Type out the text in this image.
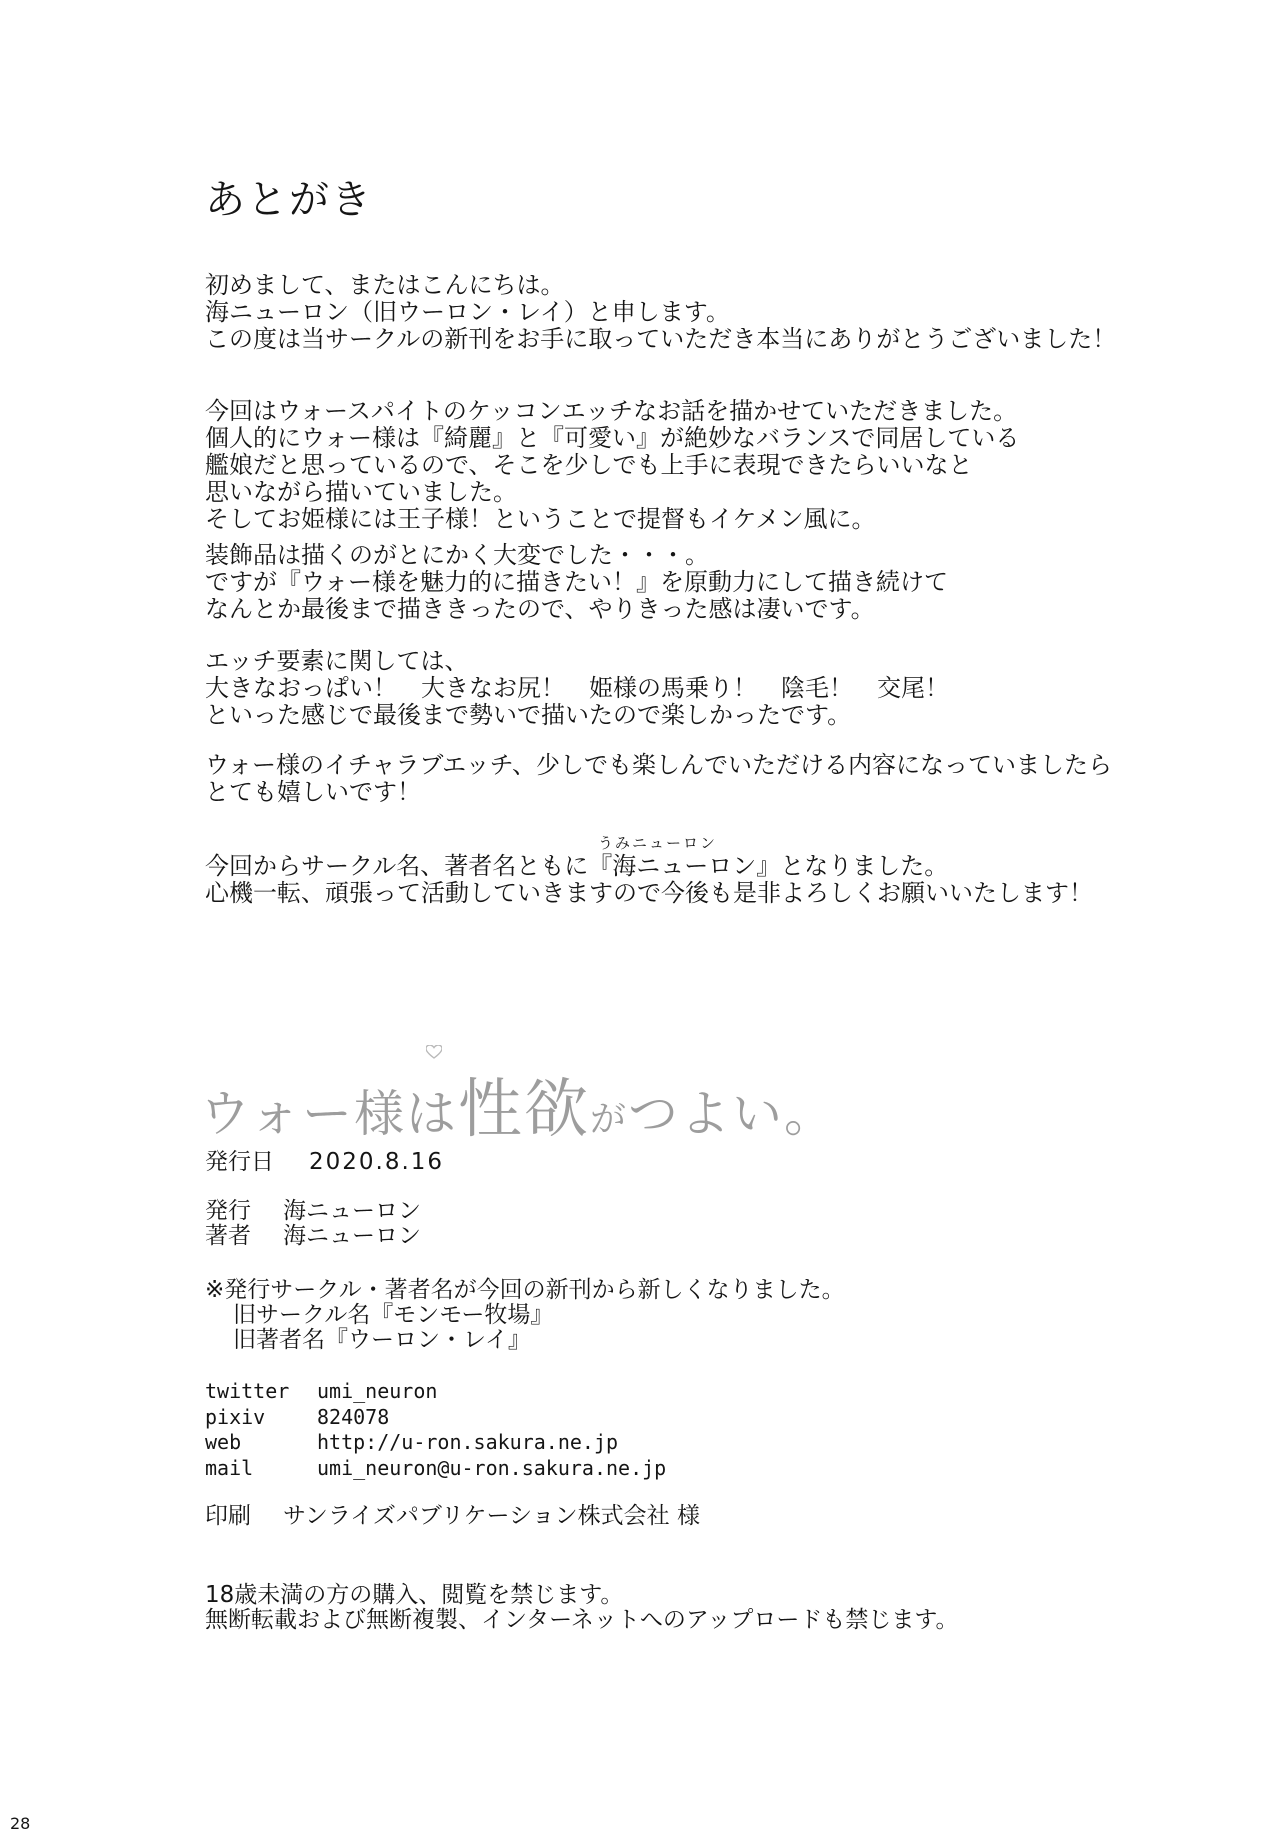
あとがき
初めまして、またはこんにちは。
海ニューロン（旧ウーロン・レイ）と申します。
この度は当サークルの新刊をお手に取っていただき本当にありがとうございました！
今回はウォースパイトのケッコンエッチなお話を描かせていただきました。
個人的にウォー様は『綺麗』と『可愛い』が絶妙なバランスで同居している
艦娘だと思っているので、そこを少しでも上手に表現できたらいいなと
思いながら描いていました。
そしてお姫様には王子様！ということで提督もイケメン風に。
装飾品は描くのがとにかく大変でした・・・。
ですが『ウォー様を魅力的に描きたい！』を原動力にして描き続けて
なんとか最後まで描ききったので、やりきった感は凄いです。
エッチ要素に関しては、
大きなおっぱい！　大きなお尻！　姫様の馬乗り！　陰毛！　交尾！
といった感じで最後まで勢いで描いたので楽しかったです。
ウォー様のイチャラブエッチ、少しでも楽しんでいただける内容になっていましたら
とても嬉しいです！
うみニューロン
今回からサークル名、著者名ともに『海ニューロン』となりました。
心機一転、頑張って活動していきますので今後も是非よろしくお願いいたします！
ウォー様は性欲がつよい。
発行日	2020.8.16
発行	海ニューロン
著者	海ニューロン
※発行サークル・著者名が今回の新刊から新しくなりました。
旧サークル名『モンモー牧場』
旧著者名『ウーロン・レイ』
twitter	umi_neuron
pixiv	824078
web	http://u-ron.sakura.ne.jp
mail	umi_neuron@u-ron.sakura.ne.jp
印刷	サンライズパブリケーション株式会社 様
18歳未満の方の購入、閲覧を禁じます。
無断転載および無断複製、インターネットへのアップロードも禁じます。
28
